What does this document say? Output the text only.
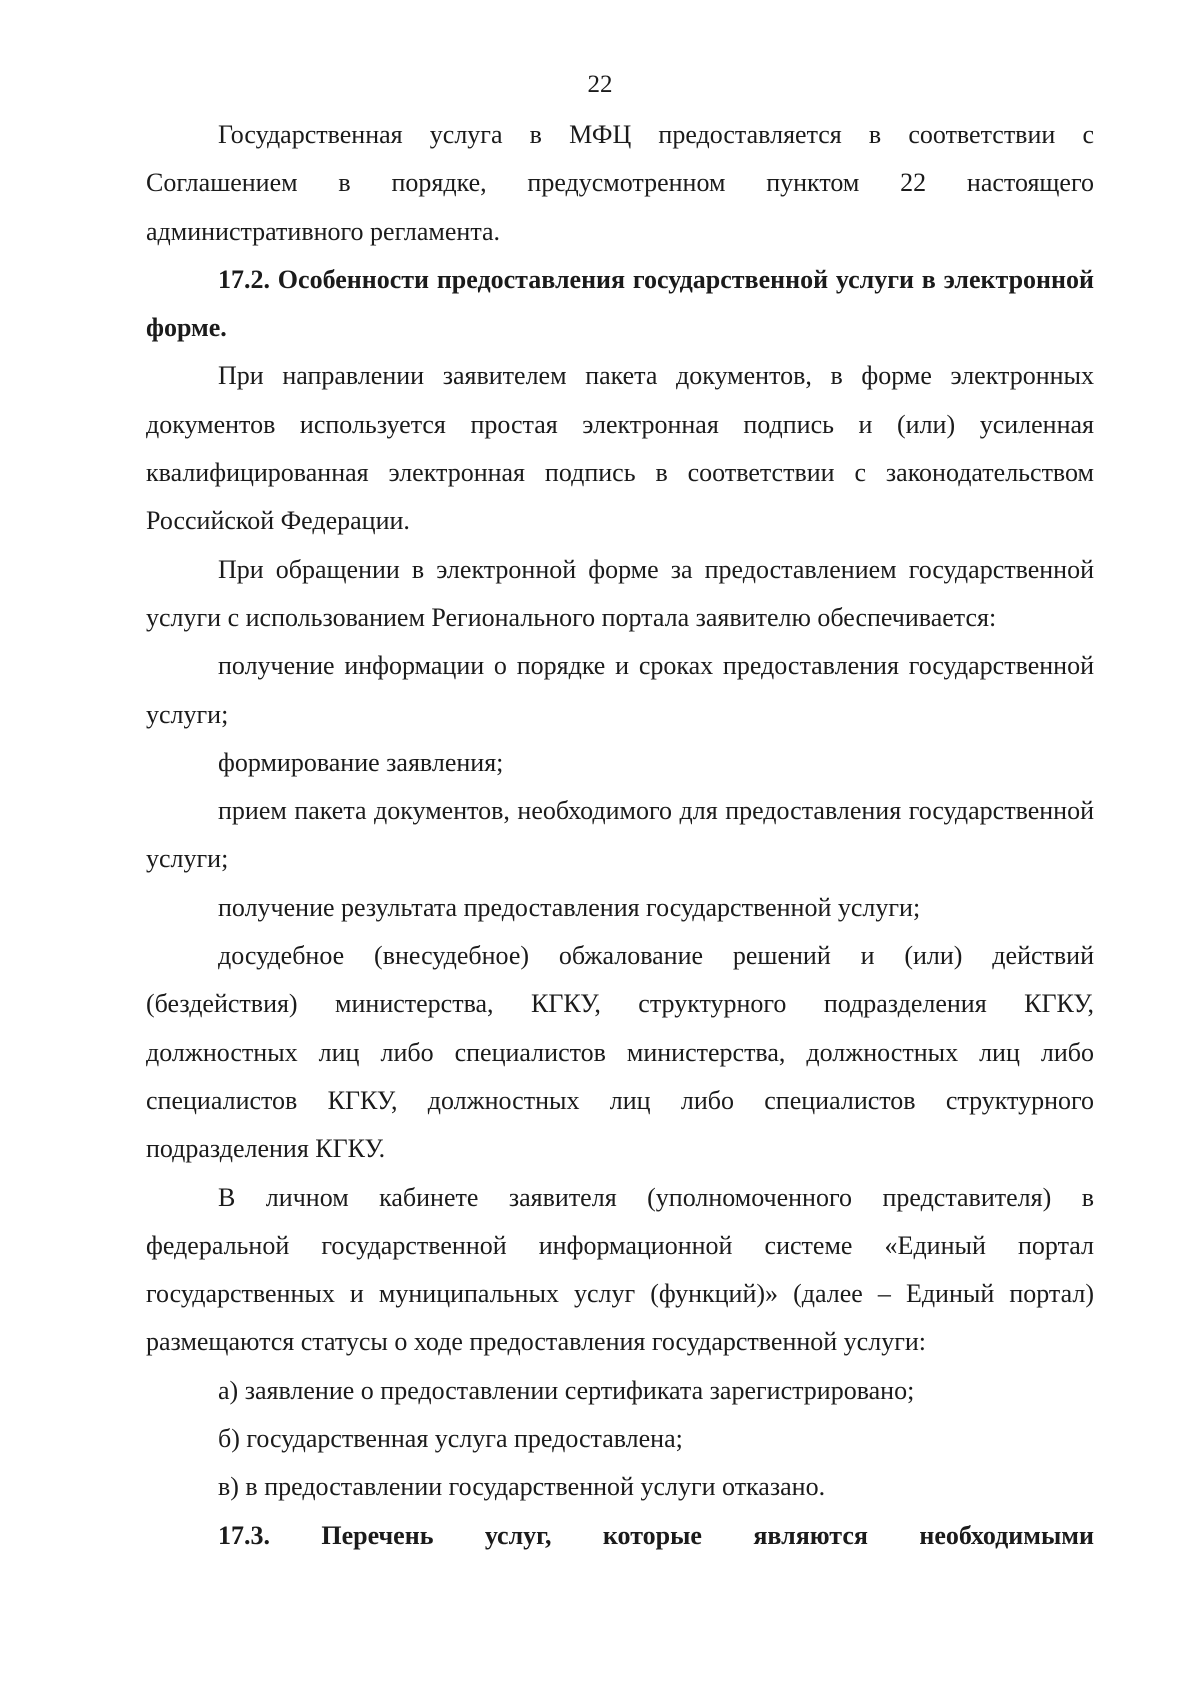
22

Государственная услуга в МФЦ предоставляется в соответствии с Соглашением в порядке, предусмотренном пунктом 22 настоящего административного регламента.

17.2. Особенности предоставления государственной услуги в электронной форме.

При направлении заявителем пакета документов, в форме электронных документов используется простая электронная подпись и (или) усиленная квалифицированная электронная подпись в соответствии с законодательством Российской Федерации.

При обращении в электронной форме за предоставлением государственной услуги с использованием Регионального портала заявителю обеспечивается:

получение информации о порядке и сроках предоставления государственной услуги;

формирование заявления;

прием пакета документов, необходимого для предоставления государственной услуги;

получение результата предоставления государственной услуги;

досудебное (внесудебное) обжалование решений и (или) действий (бездействия) министерства, КГКУ, структурного подразделения КГКУ, должностных лиц либо специалистов министерства, должностных лиц либо специалистов КГКУ, должностных лиц либо специалистов структурного подразделения КГКУ.

В личном кабинете заявителя (уполномоченного представителя) в федеральной государственной информационной системе «Единый портал государственных и муниципальных услуг (функций)» (далее – Единый портал) размещаются статусы о ходе предоставления государственной услуги:

а) заявление о предоставлении сертификата зарегистрировано;

б) государственная услуга предоставлена;

в) в предоставлении государственной услуги отказано.

17.3. Перечень услуг, которые являются необходимыми
